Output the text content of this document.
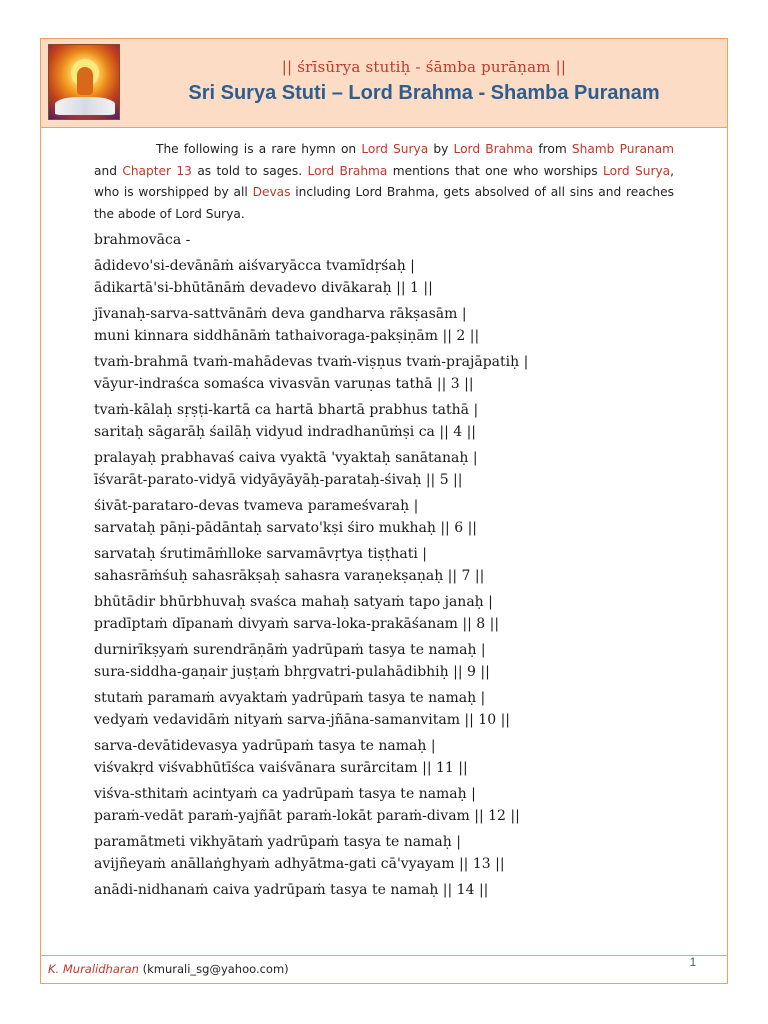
|| śrīsūrya stutiḥ - śāmba purāṇam ||
Sri Surya Stuti – Lord Brahma - Shamba Puranam
The following is a rare hymn on Lord Surya by Lord Brahma from Shamb Puranam and Chapter 13 as told to sages. Lord Brahma mentions that one who worships Lord Surya, who is worshipped by all Devas including Lord Brahma, gets absolved of all sins and reaches the abode of Lord Surya.
brahmovāca -
ādidevo'si-devānāṁ aiśvaryācca tvamīdṛśaḥ |
ādikartā'si-bhūtānāṁ devadevo divākaraḥ || 1 ||
jīvanaḥ-sarva-sattvānāṁ deva gandharva rākṣasām |
muni kinnara siddhānāṁ tathaivoraga-pakṣiṇām || 2 ||
tvaṁ-brahmā tvaṁ-mahādevas tvaṁ-viṣṇus tvaṁ-prajāpatiḥ |
vāyur-indraśca somaśca vivasvān varuṇas tathā || 3 ||
tvaṁ-kālaḥ sṛṣṭi-kartā ca hartā bhartā prabhus tathā |
saritaḥ sāgarāḥ śailāḥ vidyud indradhanūṁṣi ca || 4 ||
pralayaḥ prabhavaś caiva vyaktā 'vyaktaḥ sanātanaḥ |
īśvarāt-parato-vidyā vidyāyāyāḥ-parataḥ-śivaḥ || 5 ||
śivāt-parataro-devas tvameva parameśvaraḥ |
sarvataḥ pāṇi-pādāntaḥ sarvato'kṣi śiro mukhaḥ || 6 ||
sarvataḥ śrutimāṁlloke sarvamāvṛtya tiṣṭhati |
sahasrāṁśuḥ sahasrākṣaḥ sahasra varaṇekṣaṇaḥ || 7 ||
bhūtādir bhūrbhuvaḥ svaśca mahaḥ satyaṁ tapo janaḥ |
pradīptaṁ dīpanaṁ divyaṁ sarva-loka-prakāśanam || 8 ||
durnirīkṣyaṁ surendrāṇāṁ yadrūpaṁ tasya te namaḥ |
sura-siddha-gaṇair juṣṭaṁ bhṛgvatri-pulahādibhiḥ || 9 ||
stutaṁ paramaṁ avyaktaṁ yadrūpaṁ tasya te namaḥ |
vedyaṁ vedavidāṁ nityaṁ sarva-jñāna-samanvitam || 10 ||
sarva-devātidevasya yadrūpaṁ tasya te namaḥ |
viśvakṛd viśvabhūtīśca vaiśvānara surārcitam || 11 ||
viśva-sthitaṁ acintyaṁ ca yadrūpaṁ tasya te namaḥ |
paraṁ-vedāt paraṁ-yajñāt paraṁ-lokāt paraṁ-divam || 12 ||
paramātmeti vikhyātaṁ yadrūpaṁ tasya te namaḥ |
avijñeyaṁ anāllaṅghyaṁ adhyātma-gati cā'vyayam || 13 ||
anādi-nidhanaṁ caiva yadrūpaṁ tasya te namaḥ || 14 ||
K. Muralidharan (kmurali_sg@yahoo.com)	1
